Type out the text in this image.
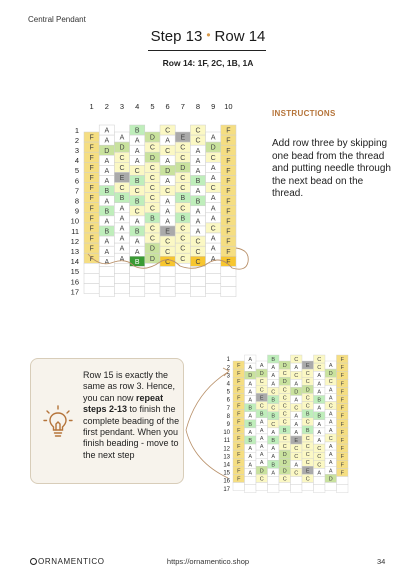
Central Pendant
Step 13 • Row 14
Row 14: 1F, 2C, 1B, 1A
F
F
F
F
F
F
F
F
F
F
F
F
F
A
A
D
A
A
A
B
A
B
A
B
A
A
A
A
D
C
C
E
C
B
A
A
A
A
A
A
B
A
A
A
C
B
C
B
C
A
B
A
A
B
D
C
D
C
C
C
C
C
B
C
C
D
D
C
A
C
A
D
A
C
A
A
A
E
C
C
C
E
C
C
D
C
C
B
C
B
C
C
C
C
C
C
A
A
A
B
A
B
A
A
A
C
C
C
A
D
C
A
A
C
A
A
A
C
A
A
A
F
F
F
F
F
F
F
F
F
F
F
F
F
F
1
2
3
4
5
6
7
8
9
10
11
12
13
14
15
16
17
1 2 3 4 5 6 7 8 9 10
INSTRUCTIONS
Add row three by skipping one bead from the thread and putting needle through the next bead on the thread.
Row 15 is exactly the same as row 3. Hence, you can now repeat steps 2-13 to finish the complete beading of the first pendant. When you finish beading - move to the next step
F
F
F
F
F
F
F
F
F
F
F
F
F
F
F
A
A
D
A
A
A
B
A
B
A
B
A
A
A
A
A
D
C
C
E
C
B
A
A
A
A
A
A
D
C
B
A
A
A
C
B
C
B
C
A
B
A
A
B
A
D
C
D
C
C
C
C
C
B
C
C
D
D
D
C
C
A
C
A
D
A
C
A
A
A
E
C
C
A
C
E
C
C
D
C
C
B
C
B
C
C
C
C
E
C
C
C
A
A
A
B
A
B
A
A
A
C
C
C
A
A
D
C
A
A
C
A
A
A
C
A
A
A
A
D
F
F
F
F
F
F
F
F
F
F
F
F
F
F
F
1
2
3
4
5
6
7
8
9
10
11
12
13
14
15
16
17
ORNAMENTICO	https://ornamentico.shop	34
